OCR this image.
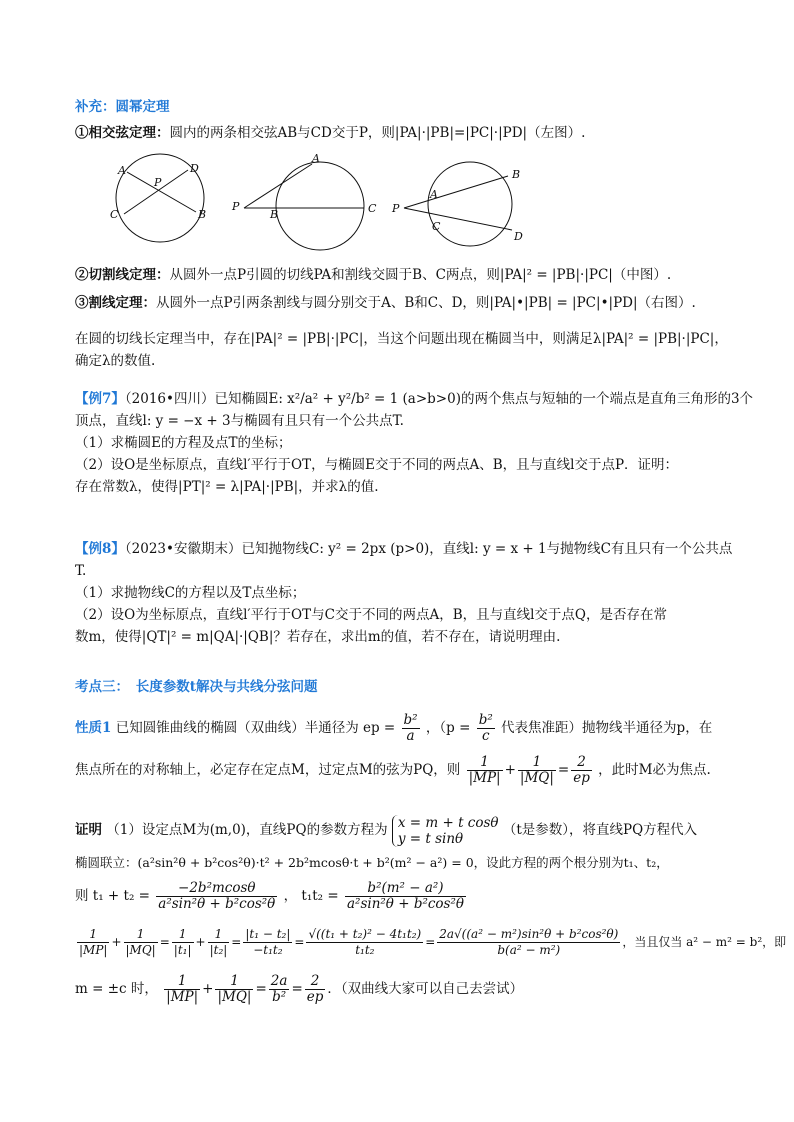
补充：圆幂定理
①相交弦定理：圆内的两条相交弦AB与CD交于P，则|PA|·|PB|=|PC|·|PD|（左图）.
A	D
P
C	B
A
P
B	C P
A
C
B
D
②切割线定理：从圆外一点P引圆的切线PA和割线交圆于B、C两点，则|PA|² = |PB|·|PC|（中图）.
③割线定理：从圆外一点P引两条割线与圆分别交于A、B和C、D，则|PA|•|PB| = |PC|•|PD|（右图）.
在圆的切线长定理当中，存在|PA|² = |PB|·|PC|，当这个问题出现在椭圆当中，则满足λ|PA|² = |PB|·|PC|，
确定λ的数值.
【例7】（2016•四川）已知椭圆E: x²/a² + y²/b² = 1 (a>b>0)的两个焦点与短轴的一个端点是直角三角形的3个
顶点，直线l: y = −x + 3与椭圆有且只有一个公共点T.
（1）求椭圆E的方程及点T的坐标；
（2）设O是坐标原点，直线l′平行于OT，与椭圆E交于不同的两点A、B，且与直线l交于点P．证明：
存在常数λ，使得|PT|² = λ|PA|·|PB|，并求λ的值.
【例8】（2023•安徽期末）已知抛物线C: y² = 2px (p>0)，直线l: y = x + 1与抛物线C有且只有一个公共点
T.
（1）求抛物线C的方程以及T点坐标；
（2）设O为坐标原点，直线l′平行于OT与C交于不同的两点A，B，且与直线l交于点Q，是否存在常
数m，使得|QT|² = m|QA|·|QB|？若存在，求出m的值，若不存在，请说明理由.
考点三：　长度参数t解决与共线分弦问题
性质1 已知圆锥曲线的椭圆（双曲线）半通径为 ep = $\frac{\text{b²}}{a}$ ，（$p = \frac{\text{b²}}{c}$ 代表焦准距）抛物线半通径为p，在
焦点所在的对称轴上，必定存在定点M，过定点M的弦为PQ，则 $\frac{1}{|MP|} + \frac{1}{|MQ|} = \frac{2}{ep}$ ，此时M必为焦点.
证明 （1）设定点M为(m,0)，直线PQ的参数方程为 x = m + t cosθ
y = t sinθ
（t是参数），将直线PQ方程代入
椭圆联立：(a²sin²θ + b²cos²θ)·t² + 2b²mcosθ·t + b²(m² − a²) = 0，设此方程的两个根分别为t₁、t₂，
则 $t_1 + t_2 = \frac{\text{−2b²mcosθ}}{\text{a²sin²θ + b²cos²θ}}$ ， $t_1t_2 = \frac{\text{b²(m² − a²)}}{\text{a²sin²θ + b²cos²θ}}$
$\frac{1}{|MP|} + \frac{1}{|MQ|} = \frac{1}{\text{|t₁|}} + \frac{1}{\text{|t₂|}} = \frac{\text{|t₁ − t₂|}}{\text{−t₁t₂}} = \frac{\text{√((t₁ + t₂)² − 4t₁t₂)}}{\text{t₁t₂}} = \frac{\text{2a√((a² − m²)sin²θ + b²cos²θ)}}{\text{b(a² − m²)}}$ ，当且仅当 a² − m² = b²，即
m = ±c 时， $\frac{1}{|MP|} + \frac{1}{|MQ|} = \frac{2a}{\text{b²}} = \frac{2}{ep}$ ．（双曲线大家可以自己去尝试）
